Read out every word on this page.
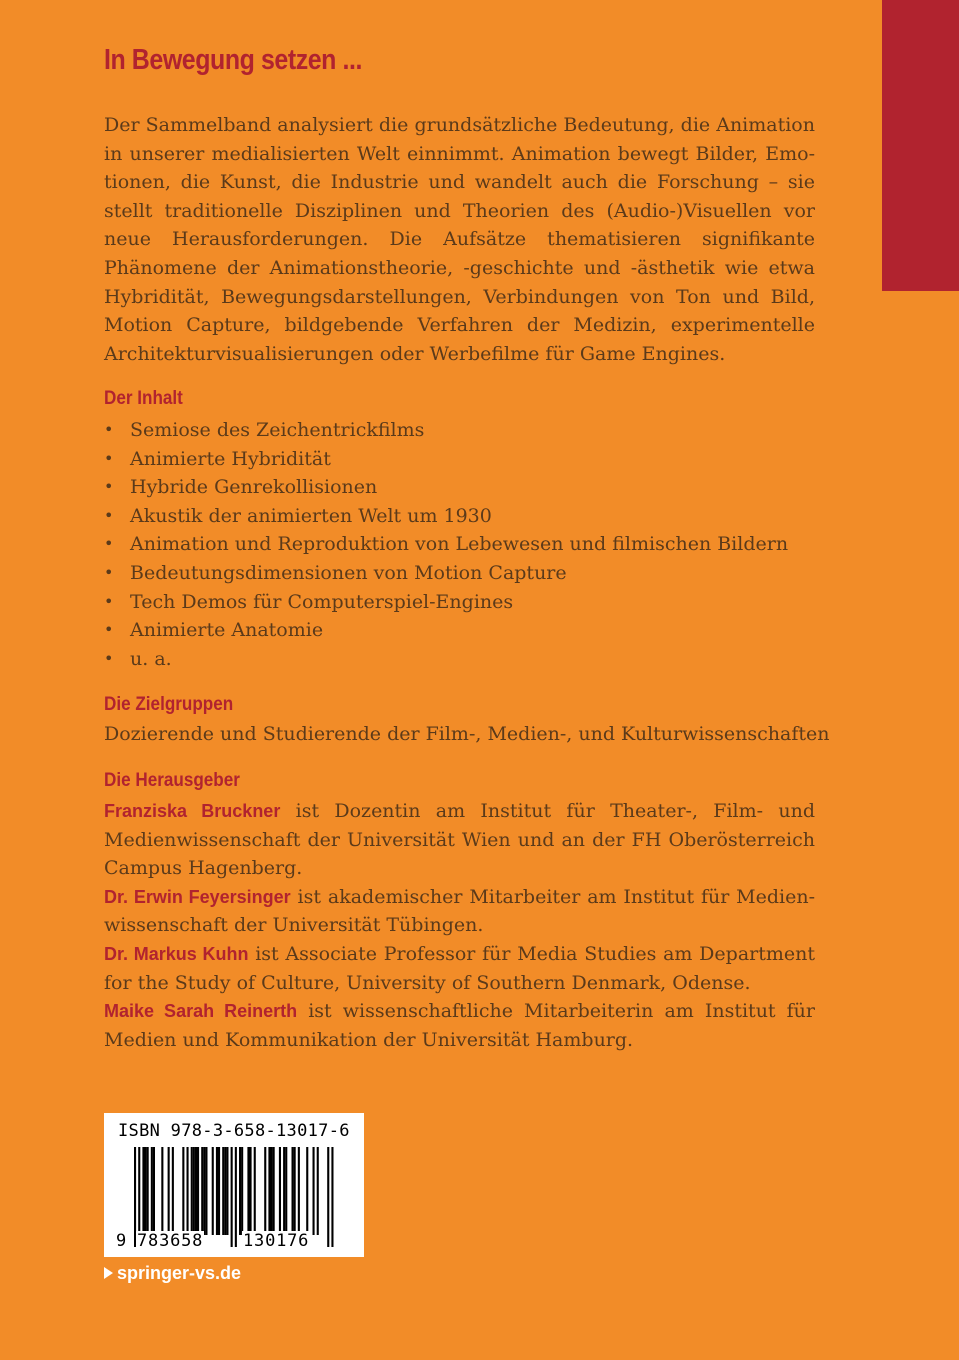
In Bewegung setzen ...

Der Sammelband analysiert die grundsätzliche Bedeutung, die Animation in unserer medialisierten Welt einnimmt. Animation bewegt Bilder, Emotionen, die Kunst, die Industrie und wandelt auch die Forschung – sie stellt traditionelle Disziplinen und Theorien des (Audio-)Visuellen vor neue Herausforderungen. Die Aufsätze thematisieren signifikante Phänomene der Animationstheorie, -geschichte und -ästhetik wie etwa Hybridität, Bewegungsdarstellungen, Verbindungen von Ton und Bild, Motion Capture, bildgebende Verfahren der Medizin, experimentelle Architekturvisualisierungen oder Werbefilme für Game Engines.

Der Inhalt
• Semiose des Zeichentrickfilms
• Animierte Hybridität
• Hybride Genrekollisionen
• Akustik der animierten Welt um 1930
• Animation und Reproduktion von Lebewesen und filmischen Bildern
• Bedeutungsdimensionen von Motion Capture
• Tech Demos für Computerspiel-Engines
• Animierte Anatomie
• u. a.
Die Zielgruppen

Dozierende und Studierende der Film-, Medien-, und Kulturwissenschaften

Die Herausgeber

Franziska Bruckner ist Dozentin am Institut für Theater-, Film- und Medienwissenschaft der Universität Wien und an der FH Oberösterreich Campus Hagenberg.

Dr. Erwin Feyersinger ist akademischer Mitarbeiter am Institut für Medienwissenschaft der Universität Tübingen.

Dr. Markus Kuhn ist Associate Professor für Media Studies am Department for the Study of Culture, University of Southern Denmark, Odense.

Maike Sarah Reinerth ist wissenschaftliche Mitarbeiterin am Institut für Medien und Kommunikation der Universität Hamburg.

ISBN 978-3-658-13017-6
9 783658 130176
springer-vs.de
